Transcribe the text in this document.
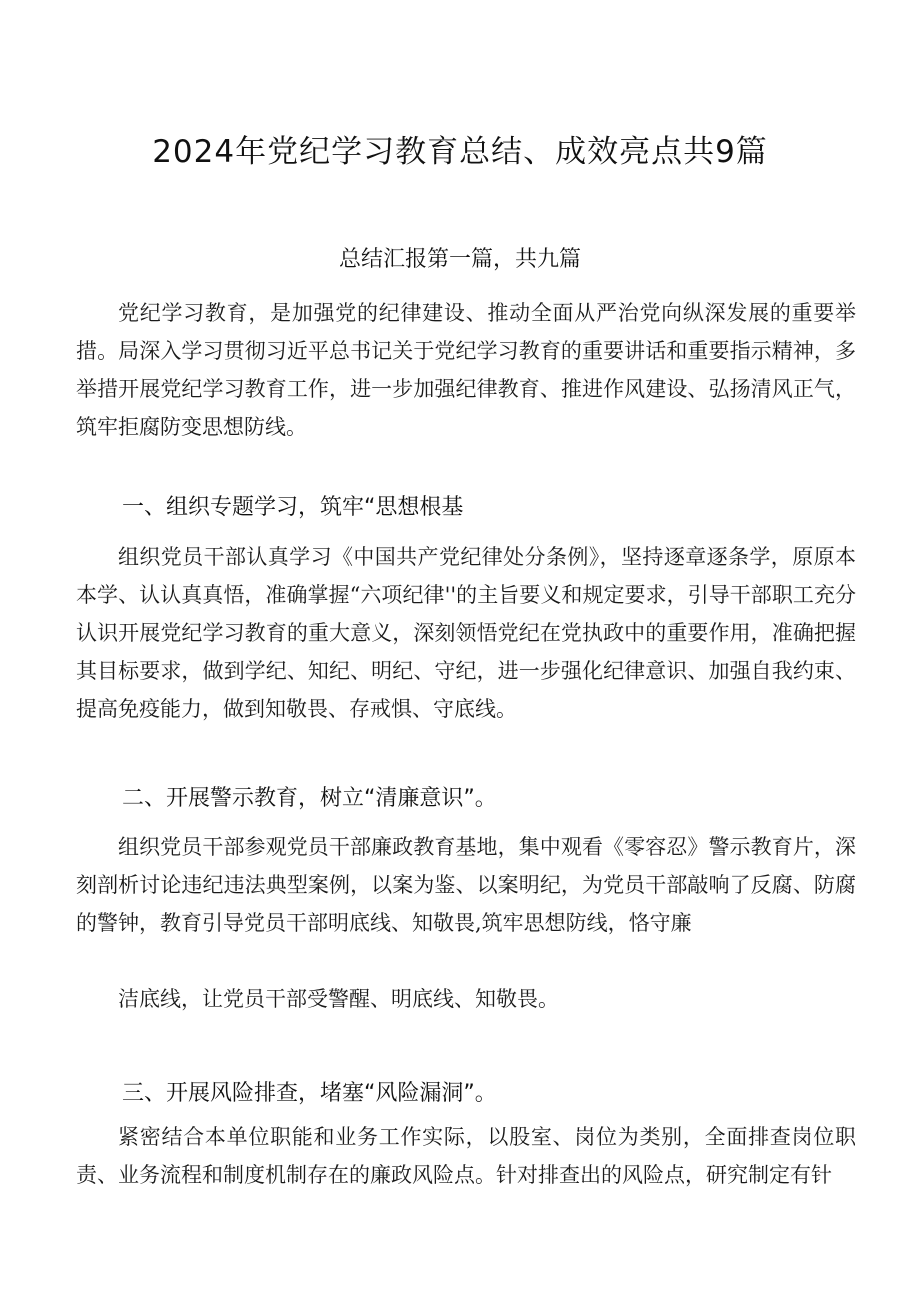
2024年党纪学习教育总结、成效亮点共9篇
总结汇报第一篇，共九篇

党纪学习教育，是加强党的纪律建设、推动全面从严治党向纵深发展的重要举措。局深入学习贯彻习近平总书记关于党纪学习教育的重要讲话和重要指示精神，多举措开展党纪学习教育工作，进一步加强纪律教育、推进作风建设、弘扬清风正气，筑牢拒腐防变思想防线。

一、组织专题学习，筑牢“思想根基

组织党员干部认真学习《中国共产党纪律处分条例》，坚持逐章逐条学，原原本本学、认认真真悟，准确掌握“六项纪律''的主旨要义和规定要求，引导干部职工充分认识开展党纪学习教育的重大意义，深刻领悟党纪在党执政中的重要作用，准确把握其目标要求，做到学纪、知纪、明纪、守纪，进一步强化纪律意识、加强自我约束、提高免疫能力，做到知敬畏、存戒惧、守底线。

二、开展警示教育，树立“清廉意识”。

组织党员干部参观党员干部廉政教育基地，集中观看《零容忍》警示教育片，深刻剖析讨论违纪违法典型案例，以案为鉴、以案明纪，为党员干部敲响了反腐、防腐的警钟，教育引导党员干部明底线、知敬畏,筑牢思想防线，恪守廉

洁底线，让党员干部受警醒、明底线、知敬畏。

三、开展风险排查，堵塞“风险漏洞”。

紧密结合本单位职能和业务工作实际，以股室、岗位为类别，全面排查岗位职责、业务流程和制度机制存在的廉政风险点。针对排查出的风险点，研究制定有针
